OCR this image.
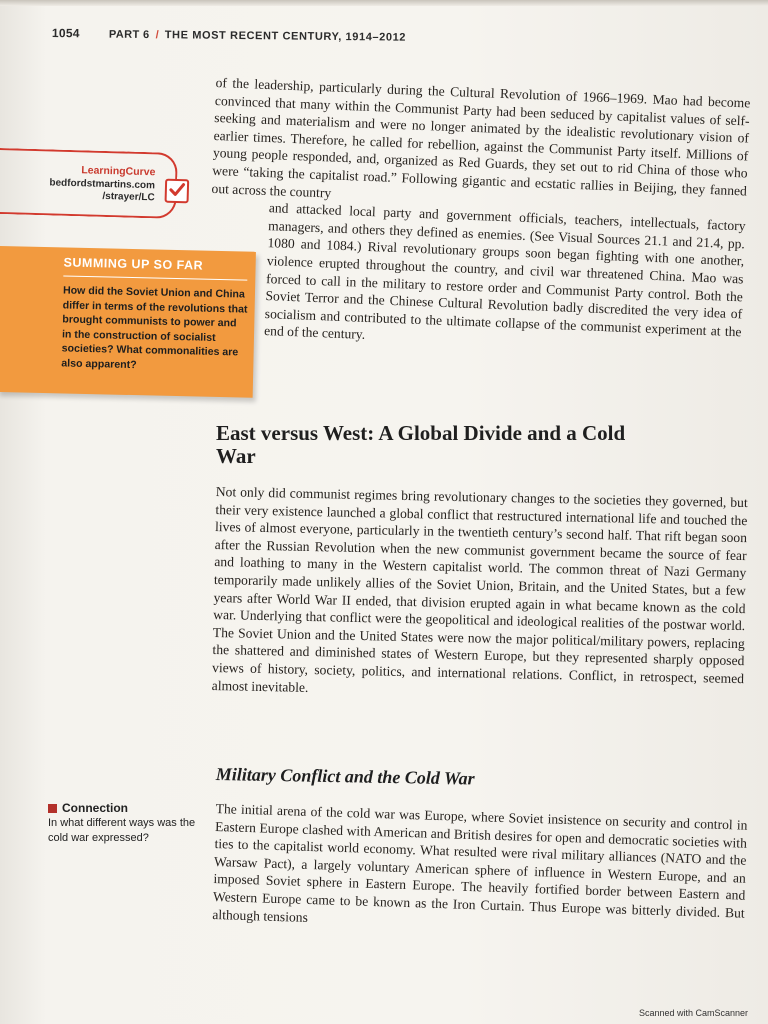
1054	PART 6 / THE MOST RECENT CENTURY, 1914–2012
LearningCurve
bedfordstmartins.com
/strayer/LC
SUMMING UP SO FAR
How did the Soviet Union and China differ in terms of the revolutions that brought communists to power and in the construction of socialist societies? What commonalities are also apparent?
of the leadership, particularly during the Cultural Revolution of 1966–1969. Mao had become convinced that many within the Communist Party had been seduced by capitalist values of self-seeking and materialism and were no longer animated by the idealistic revolutionary vision of earlier times. Therefore, he called for rebellion, against the Communist Party itself. Millions of young people responded, and, organized as Red Guards, they set out to rid China of those who were “taking the capitalist road.” Following gigantic and ecstatic rallies in Beijing, they fanned out across the country
and attacked local party and government officials, teachers, intellectuals, factory managers, and others they defined as enemies. (See Visual Sources 21.1 and 21.4, pp. 1080 and 1084.) Rival revolutionary groups soon began fighting with one another, violence erupted throughout the country, and civil war threatened China. Mao was forced to call in the military to restore order and Communist Party control. Both the Soviet Terror and the Chinese Cultural Revolution badly discredited the very idea of socialism and contributed to the ultimate collapse of the communist experiment at the end of the century.
East versus West: A Global Divide and a Cold War
Not only did communist regimes bring revolutionary changes to the societies they governed, but their very existence launched a global conflict that restructured international life and touched the lives of almost everyone, particularly in the twentieth century’s second half. That rift began soon after the Russian Revolution when the new communist government became the source of fear and loathing to many in the Western capitalist world. The common threat of Nazi Germany temporarily made unlikely allies of the Soviet Union, Britain, and the United States, but a few years after World War II ended, that division erupted again in what became known as the cold war. Underlying that conflict were the geopolitical and ideological realities of the postwar world. The Soviet Union and the United States were now the major political/military powers, replacing the shattered and diminished states of Western Europe, but they represented sharply opposed views of history, society, politics, and international relations. Conflict, in retrospect, seemed almost inevitable.
Military Conflict and the Cold War
Connection
In what different ways was the cold war expressed?
The initial arena of the cold war was Europe, where Soviet insistence on security and control in Eastern Europe clashed with American and British desires for open and democratic societies with ties to the capitalist world economy. What resulted were rival military alliances (NATO and the Warsaw Pact), a largely voluntary American sphere of influence in Western Europe, and an imposed Soviet sphere in Eastern Europe. The heavily fortified border between Eastern and Western Europe came to be known as the Iron Curtain. Thus Europe was bitterly divided. But although tensions
Scanned with CamScanner
